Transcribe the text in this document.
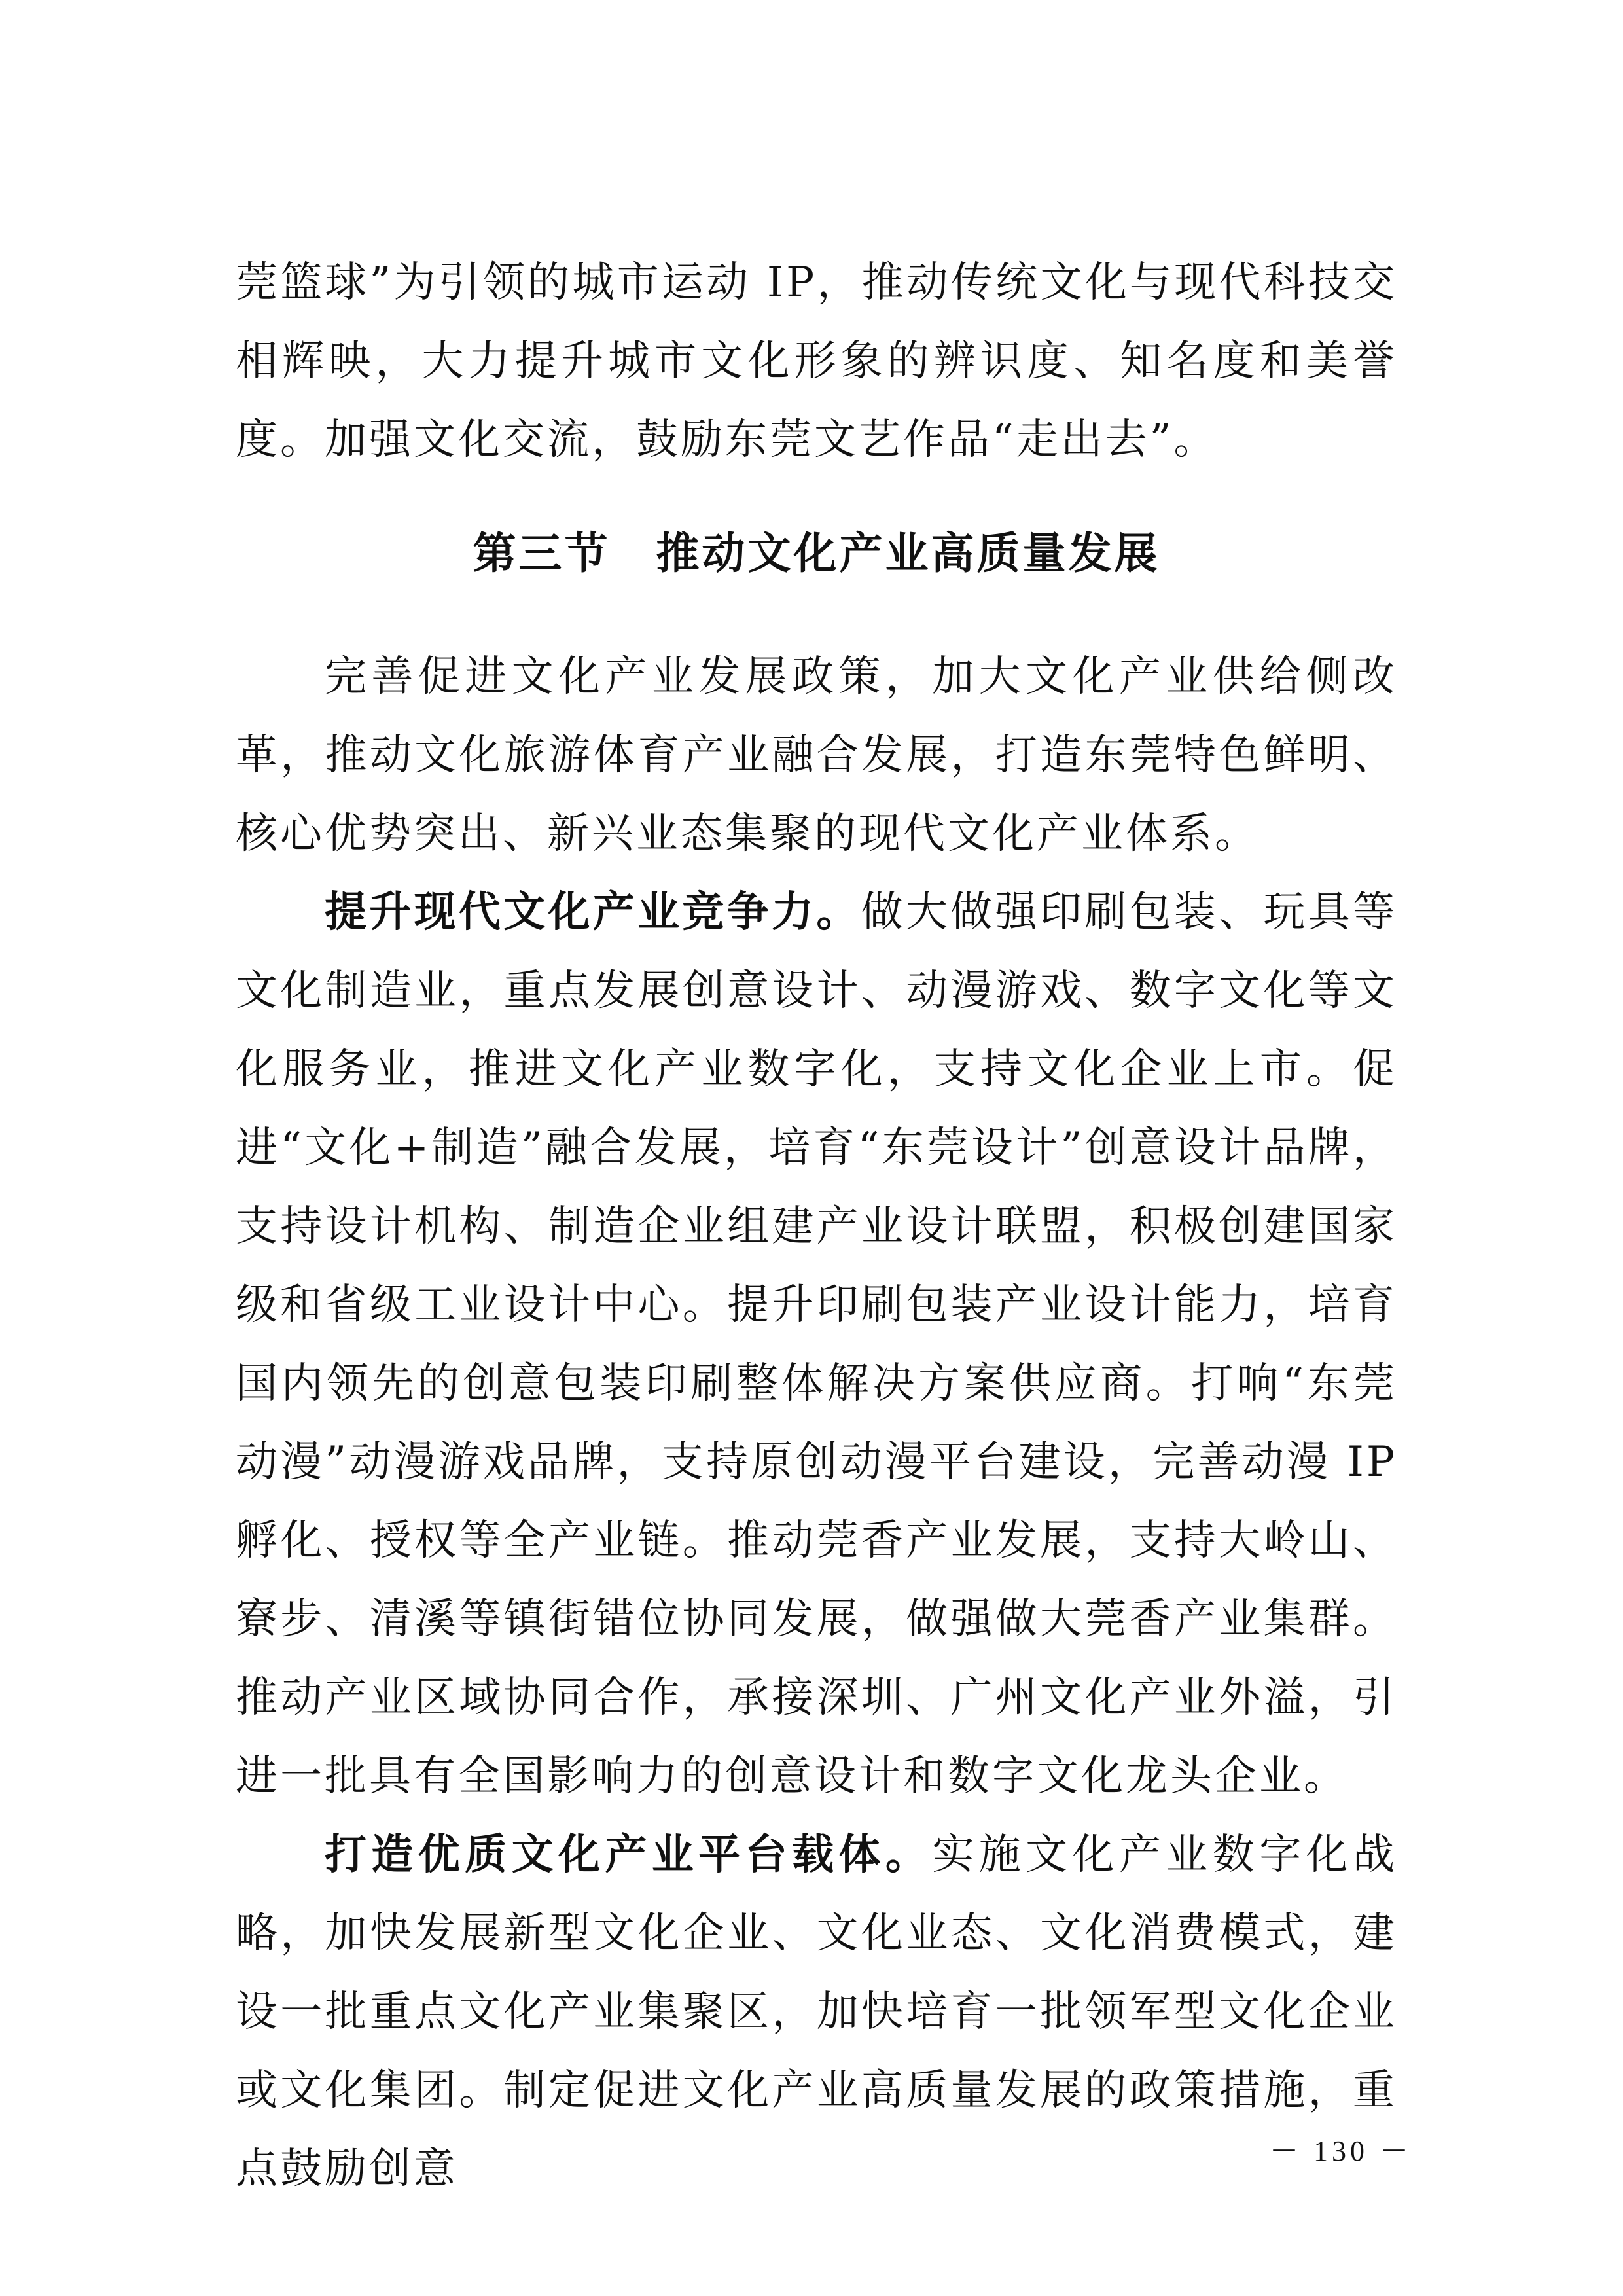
莞篮球”为引领的城市运动 IP，推动传统文化与现代科技交相辉映，大力提升城市文化形象的辨识度、知名度和美誉度。加强文化交流，鼓励东莞文艺作品“走出去”。

第三节　推动文化产业高质量发展

完善促进文化产业发展政策，加大文化产业供给侧改革，推动文化旅游体育产业融合发展，打造东莞特色鲜明、核心优势突出、新兴业态集聚的现代文化产业体系。

提升现代文化产业竞争力。做大做强印刷包装、玩具等文化制造业，重点发展创意设计、动漫游戏、数字文化等文化服务业，推进文化产业数字化，支持文化企业上市。促进“文化+制造”融合发展，培育“东莞设计”创意设计品牌，支持设计机构、制造企业组建产业设计联盟，积极创建国家级和省级工业设计中心。提升印刷包装产业设计能力，培育国内领先的创意包装印刷整体解决方案供应商。打响“东莞动漫”动漫游戏品牌，支持原创动漫平台建设，完善动漫 IP 孵化、授权等全产业链。推动莞香产业发展，支持大岭山、寮步、清溪等镇街错位协同发展，做强做大莞香产业集群。推动产业区域协同合作，承接深圳、广州文化产业外溢，引进一批具有全国影响力的创意设计和数字文化龙头企业。

打造优质文化产业平台载体。实施文化产业数字化战略，加快发展新型文化企业、文化业态、文化消费模式，建设一批重点文化产业集聚区，加快培育一批领军型文化企业或文化集团。制定促进文化产业高质量发展的政策措施，重点鼓励创意	－ 130 －
